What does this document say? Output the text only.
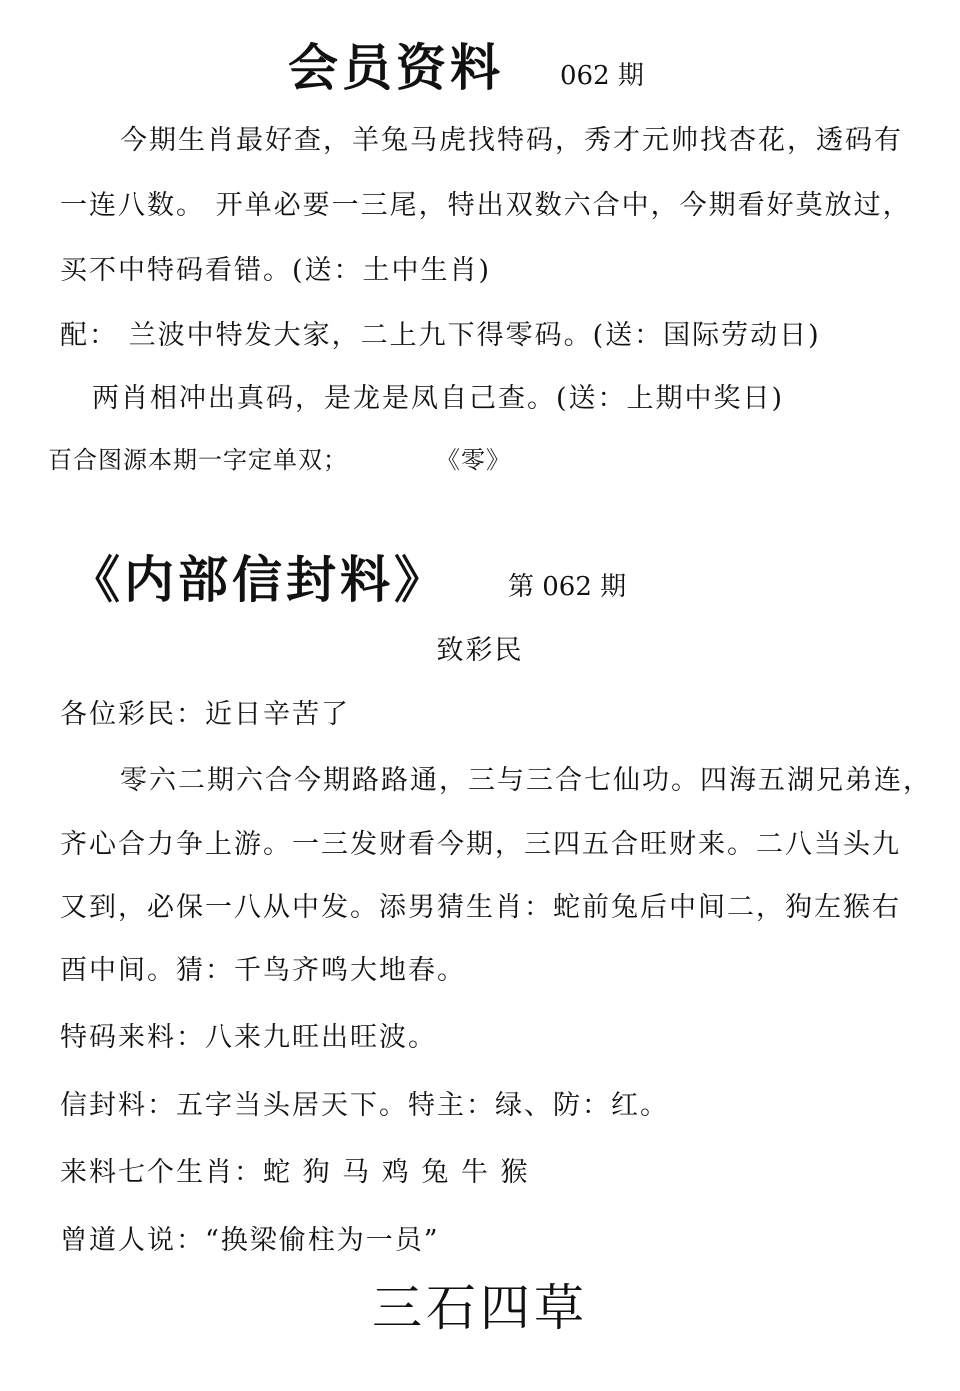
会员资料 062 期
今期生肖最好查，羊兔马虎找特码，秀才元帅找杏花，透码有
一连八数。 开单必要一三尾，特出双数六合中，今期看好莫放过，
买不中特码看错。(送：土中生肖)
配： 兰波中特发大家，二上九下得零码。(送：国际劳动日)
两肖相冲出真码，是龙是凤自己查。(送：上期中奖日)
百合图源本期一字定单双；	《零》
《内部信封料》 第 062 期
致彩民
各位彩民：近日辛苦了
零六二期六合今期路路通，三与三合七仙功。四海五湖兄弟连，
齐心合力争上游。一三发财看今期，三四五合旺财来。二八当头九
又到，必保一八从中发。添男猜生肖：蛇前兔后中间二，狗左猴右
酉中间。猜：千鸟齐鸣大地春。
特码来料：八来九旺出旺波。
信封料：五字当头居天下。特主：绿、防：红。
来料七个生肖：蛇 狗 马 鸡 兔 牛 猴
曾道人说：“换梁偷柱为一员”
三石四草
